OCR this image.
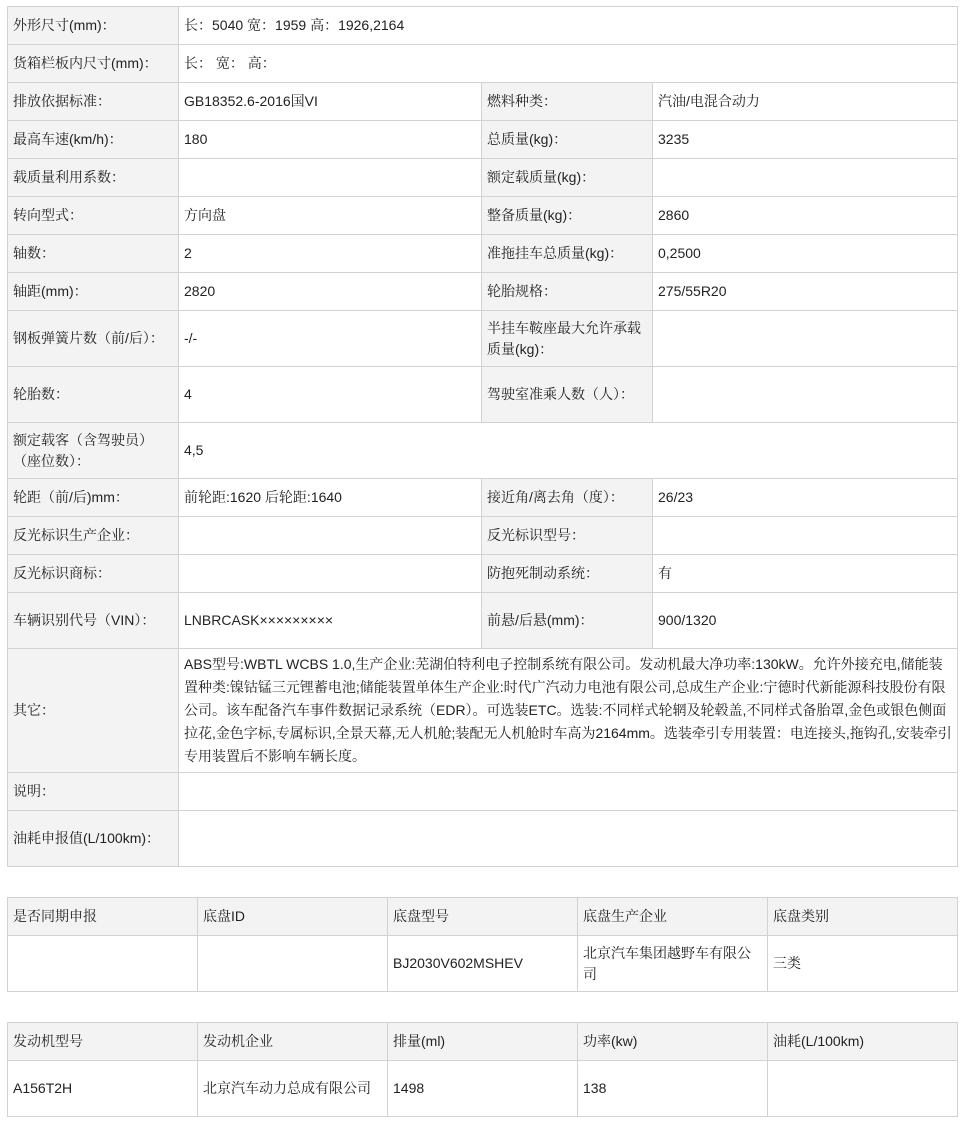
外形尺寸(mm)：	长：5040 宽：1959 高：1926,2164		
货箱栏板内尺寸(mm)：	长： 宽： 高：		
排放依据标准：	GB18352.6-2016国VI	燃料种类：	汽油/电混合动力
最高车速(km/h)：	180	总质量(kg)：	3235
载质量利用系数：		额定载质量(kg)：	
转向型式：	方向盘	整备质量(kg)：	2860
轴数：	2	准拖挂车总质量(kg)：	0,2500
轴距(mm)：	2820	轮胎规格：	275/55R20
钢板弹簧片数（前/后）：	-/-	半挂车鞍座最大允许承载质量(kg)：	
轮胎数：	4	驾驶室准乘人数（人）：	
额定载客（含驾驶员）（座位数）：	4,5		
轮距（前/后)mm：	前轮距:1620 后轮距:1640	接近角/离去角（度）：	26/23
反光标识生产企业：		反光标识型号：	
反光标识商标：		防抱死制动系统：	有
车辆识别代号（VIN）：	LNBRCASK×××××××××	前悬/后悬(mm)：	900/1320
其它：	ABS型号:WBTL WCBS 1.0,生产企业:芜湖伯特利电子控制系统有限公司。发动机最大净功率:130kW。允许外接充电,储能装置种类:镍钴锰三元锂蓄电池;储能装置单体生产企业:时代广汽动力电池有限公司,总成生产企业:宁德时代新能源科技股份有限公司。该车配备汽车事件数据记录系统（EDR）。可选装ETC。选装:不同样式轮辋及轮毂盖,不同样式备胎罩,金色或银色侧面拉花,金色字标,专属标识,全景天幕,无人机舱;装配无人机舱时车高为2164mm。选装牵引专用装置：电连接头,拖钩孔,安装牵引专用装置后不影响车辆长度。		
说明：			
油耗申报值(L/100km)：			
是否同期申报	底盘ID	底盘型号	底盘生产企业	底盘类别
		BJ2030V602MSHEV	北京汽车集团越野车有限公司	三类
发动机型号	发动机企业	排量(ml)	功率(kw)	油耗(L/100km)
A156T2H	北京汽车动力总成有限公司	1498	138	
